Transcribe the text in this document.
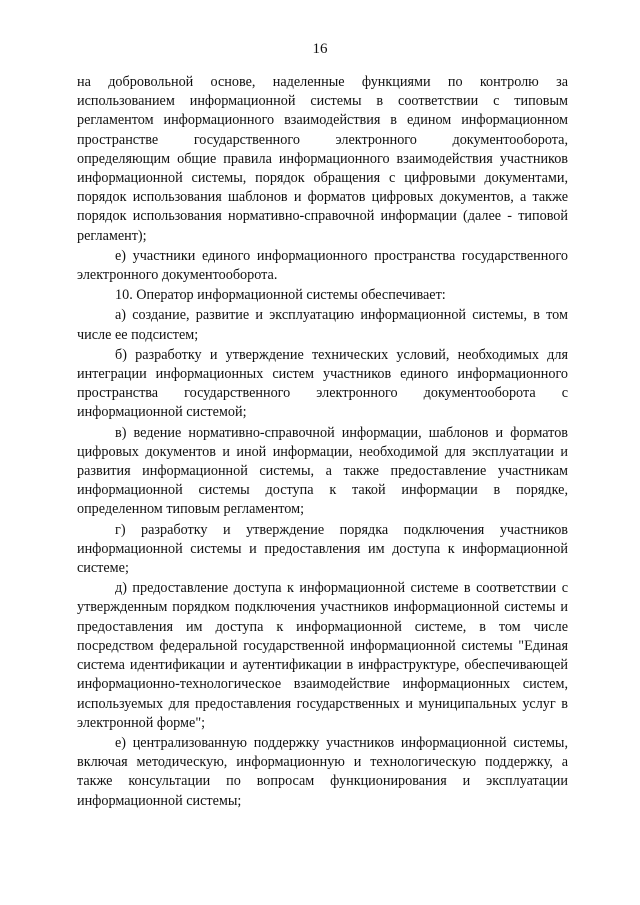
16

на добровольной основе, наделенные функциями по контролю за использованием информационной системы в соответствии с типовым регламентом информационного взаимодействия в едином информационном пространстве государственного электронного документооборота, определяющим общие правила информационного взаимодействия участников информационной системы, порядок обращения с цифровыми документами, порядок использования шаблонов и форматов цифровых документов, а также порядок использования нормативно-справочной информации (далее - типовой регламент);

е) участники единого информационного пространства государственного электронного документооборота.

10. Оператор информационной системы обеспечивает:

а) создание, развитие и эксплуатацию информационной системы, в том числе ее подсистем;

б) разработку и утверждение технических условий, необходимых для интеграции информационных систем участников единого информационного пространства государственного электронного документооборота с информационной системой;

в) ведение нормативно-справочной информации, шаблонов и форматов цифровых документов и иной информации, необходимой для эксплуатации и развития информационной системы, а также предоставление участникам информационной системы доступа к такой информации в порядке, определенном типовым регламентом;

г) разработку и утверждение порядка подключения участников информационной системы и предоставления им доступа к информационной системе;

д) предоставление доступа к информационной системе в соответствии с утвержденным порядком подключения участников информационной системы и предоставления им доступа к информационной системе, в том числе посредством федеральной государственной информационной системы "Единая система идентификации и аутентификации в инфраструктуре, обеспечивающей информационно-технологическое взаимодействие информационных систем, используемых для предоставления государственных и муниципальных услуг в электронной форме";

е) централизованную поддержку участников информационной системы, включая методическую, информационную и технологическую поддержку, а также консультации по вопросам функционирования и эксплуатации информационной системы;
